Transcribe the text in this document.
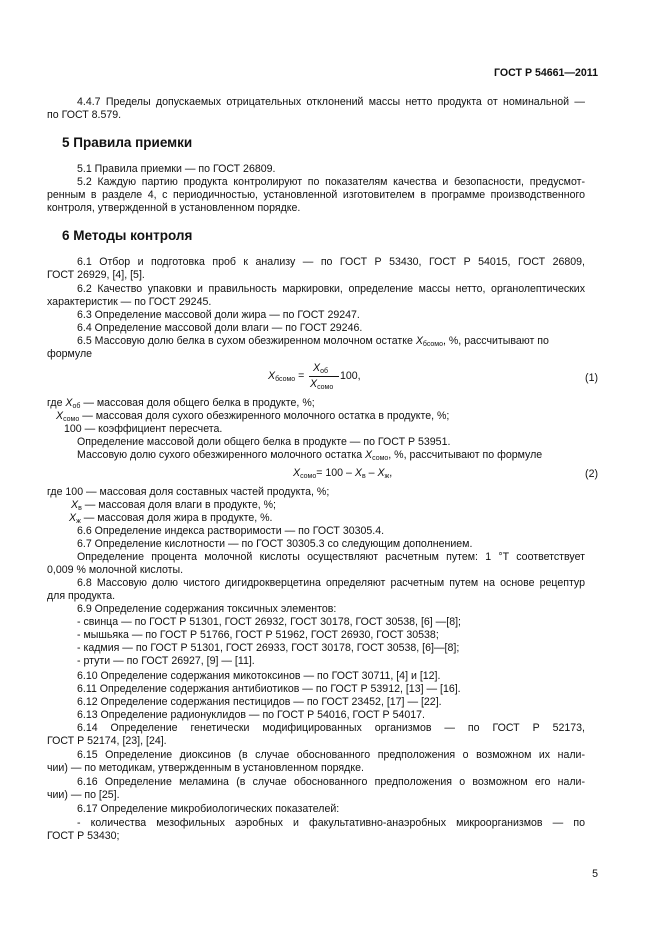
ГОСТ Р 54661—2011
4.4.7 Пределы допускаемых отрицательных отклонений массы нетто продукта от номинальной —
по ГОСТ 8.579.
5 Правила приемки
5.1 Правила приемки — по ГОСТ 26809.
5.2 Каждую партию продукта контролируют по показателям качества и безопасности, предусмот-
ренным в разделе 4, с периодичностью, установленной изготовителем в программе производственного
контроля, утвержденной в установленном порядке.
6 Методы контроля
6.1 Отбор и подготовка проб к анализу — по ГОСТ Р 53430, ГОСТ Р 54015, ГОСТ 26809,
ГОСТ 26929, [4], [5].
6.2 Качество упаковки и правильность маркировки, определение массы нетто, органолептических
характеристик — по ГОСТ 29245.
6.3 Определение массовой доли жира — по ГОСТ 29247.
6.4 Определение массовой доли влаги — по ГОСТ 29246.
6.5 Массовую долю белка в сухом обезжиренном молочном остатке $X_{бсомо}$, %, рассчитывают по
формуле
$X_{бсомо}$ =
$X_{об}$
$X_{сомо}$
100,	(1)
где $X_{об}$ — массовая доля общего белка в продукте, %;
$X_{сомо}$ — массовая доля сухого обезжиренного молочного остатка в продукте, %;
100 — коэффициент пересчета.
Определение массовой доли общего белка в продукте — по ГОСТ Р 53951.
Массовую долю сухого обезжиренного молочного остатка $X_{сомо}$, %, рассчитывают по формуле
$X_{сомо}= 100 - X_в - X_ж$,	(2)
где 100 — массовая доля составных частей продукта, %;
$X_в$ — массовая доля влаги в продукте, %;
$X_ж$ — массовая доля жира в продукте, %.
6.6 Определение индекса растворимости — по ГОСТ 30305.4.
6.7 Определение кислотности — по ГОСТ 30305.3 со следующим дополнением.
Определение процента молочной кислоты осуществляют расчетным путем: 1 °Т соответствует
0,009 % молочной кислоты.
6.8 Массовую долю чистого дигидрокверцетина определяют расчетным путем на основе рецептур
для продукта.
6.9 Определение содержания токсичных элементов:
- свинца — по ГОСТ Р 51301, ГОСТ 26932, ГОСТ 30178, ГОСТ 30538, [6] —[8];
- мышьяка — по ГОСТ Р 51766, ГОСТ Р 51962, ГОСТ 26930, ГОСТ 30538;
- кадмия — по ГОСТ Р 51301, ГОСТ 26933, ГОСТ 30178, ГОСТ 30538, [6]—[8];
- ртути — по ГОСТ 26927, [9] — [11].
6.10 Определение содержания микотоксинов — по ГОСТ 30711, [4] и [12].
6.11 Определение содержания антибиотиков — по ГОСТ Р 53912, [13] — [16].
6.12 Определение содержания пестицидов — по ГОСТ 23452, [17] — [22].
6.13 Определение радионуклидов — по ГОСТ Р 54016, ГОСТ Р 54017.
6.14 Определение генетически модифицированных организмов — по ГОСТ Р 52173,
ГОСТ Р 52174, [23], [24].
6.15 Определение диоксинов (в случае обоснованного предположения о возможном их нали-
чии) — по методикам, утвержденным в установленном порядке.
6.16 Определение меламина (в случае обоснованного предположения о возможном его нали-
чии) — по [25].
6.17 Определение микробиологических показателей:
- количества мезофильных аэробных и факультативно-анаэробных микроорганизмов — по
ГОСТ Р 53430;
5
